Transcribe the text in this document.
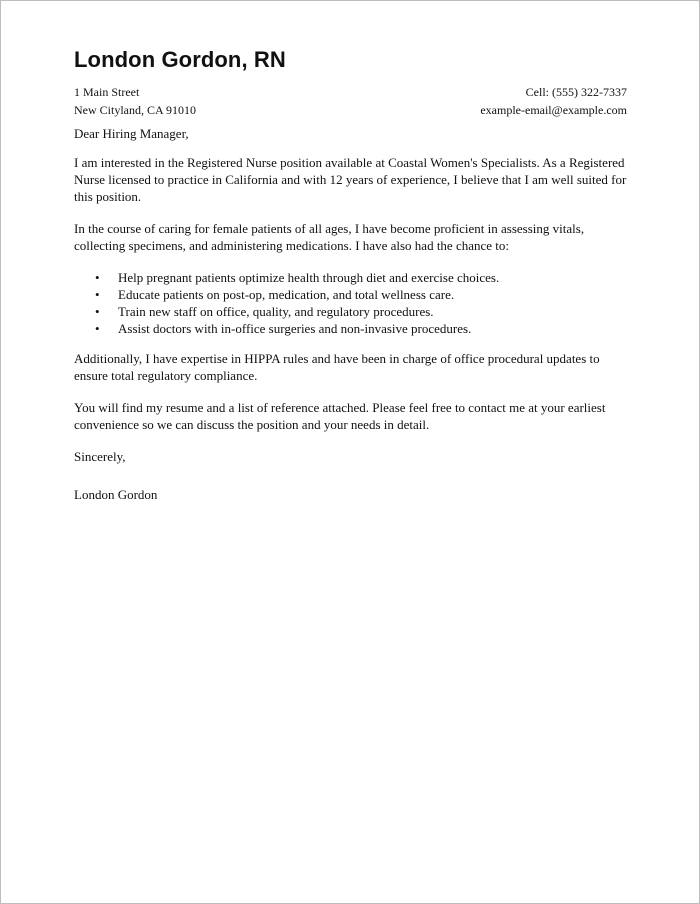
London Gordon, RN
1 Main Street
New Cityland, CA 91010
Cell: (555) 322-7337
example-email@example.com

Dear Hiring Manager,

I am interested in the Registered Nurse position available at Coastal Women's Specialists. As a Registered Nurse licensed to practice in California and with 12 years of experience, I believe that I am well suited for this position.

In the course of caring for female patients of all ages, I have become proficient in assessing vitals, collecting specimens, and administering medications. I have also had the chance to:

• Help pregnant patients optimize health through diet and exercise choices.
• Educate patients on post-op, medication, and total wellness care.
• Train new staff on office, quality, and regulatory procedures.
• Assist doctors with in-office surgeries and non-invasive procedures.

Additionally, I have expertise in HIPPA rules and have been in charge of office procedural updates to ensure total regulatory compliance.

You will find my resume and a list of reference attached. Please feel free to contact me at your earliest convenience so we can discuss the position and your needs in detail.

Sincerely,

London Gordon
